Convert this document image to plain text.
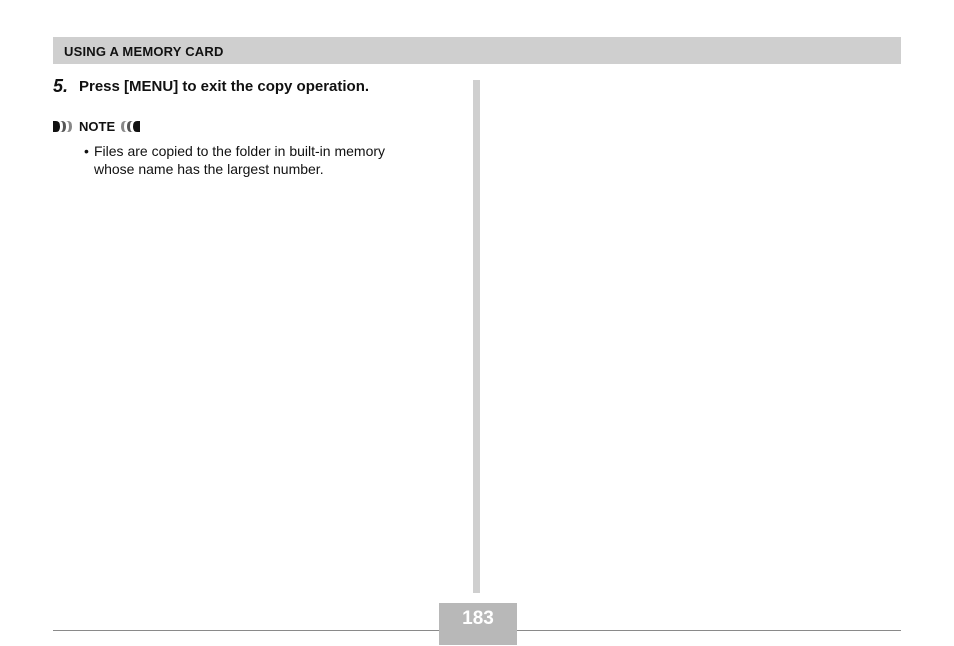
USING A MEMORY CARD
5. Press [MENU] to exit the copy operation.
NOTE
• Files are copied to the folder in built-in memory whose name has the largest number.
183
